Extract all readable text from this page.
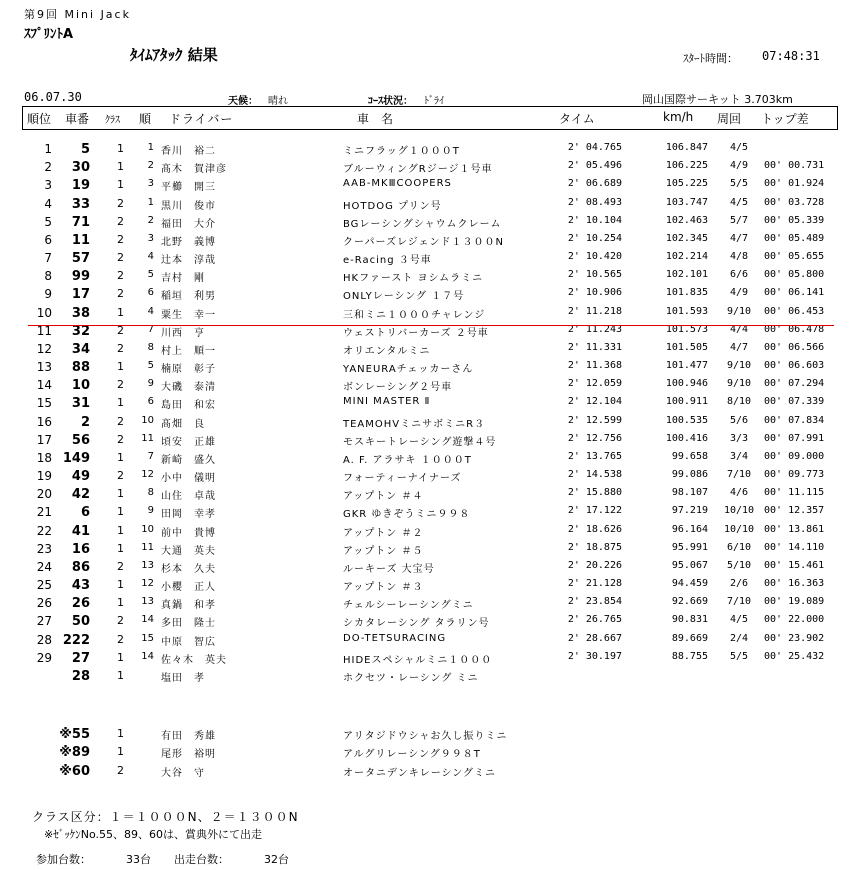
第9回 Mini Jack
ｽﾌﾟﾘﾝﾄA
ﾀｲﾑｱﾀｯｸ 結果	ｽﾀｰﾄ時間： 07:48:31
06.07.30	天候： 晴れ	ｺｰｽ状況： ﾄﾞﾗｲ	岡山国際サーキット 3.703km
順位 車番 ｸﾗｽ 順 ドライバー	車　名	タイム	km/h 周回 トップ差
1	5 1	1 香川　裕二	ミニフラッグ１０００T	2' 04.765	106.847	4/5
2	30 1	2 髙木　賀津彦	ブルーウィングRジージ１号車	2' 05.496	106.225	4/9	00' 00.731
3	19 1	3 平櫛　開三	AAB-MKⅢCOOPERS	2' 06.689	105.225	5/5	00' 01.924
4	33 2	1 黒川　俊市	HOTDOG プリン号	2' 08.493	103.747	4/5	00' 03.728
5	71 2	2 福田　大介	BGレーシングシャウムクレーム	2' 10.104	102.463	5/7	00' 05.339
6	11 2	3 北野　義博	クーパーズレジェンド１３００N	2' 10.254	102.345	4/7	00' 05.489
7	57 2	4 辻本　淳哉	e-Racing ３号車	2' 10.420	102.214	4/8	00' 05.655
8	99 2	5 吉村　剛	HKファースト ヨシムラミニ	2' 10.565	102.101	6/6	00' 05.800
9	17 2	6 稲垣　利男	ONLYレーシング １７号	2' 10.906	101.835	4/9	00' 06.141
10	38 1	4 粟生　幸一	三和ミニ１０００チャレンジ	2' 11.218	101.593	9/10	00' 06.453
11	32 2	7 川西　亨	ウェストリバーカーズ ２号車	2' 11.243	101.573	4/4	00' 06.478
12	34 2	8 村上　順一	オリエンタルミニ	2' 11.331	101.505	4/7	00' 06.566
13	88 1	5 楠原　彰子	YANEURAチェッカーさん	2' 11.368	101.477	9/10	00' 06.603
14	10 2	9 大磯　泰清	ボンレーシング２号車	2' 12.059	100.946	9/10	00' 07.294
15	31 1	6 島田　和宏	MINI MASTER Ⅱ	2' 12.104	100.911	8/10	00' 07.339
16	2 2	10 髙畑　良	TEAMOHVミニサボミニR３	2' 12.599	100.535	5/6	00' 07.834
17	56 2	11 頃安　正雄	モスキートレーシング遊撃４号	2' 12.756	100.416	3/3	00' 07.991
18 149 1	7 新崎　盛久	A. F. アラサキ １０００T	2' 13.765	99.658	3/4	00' 09.000
19	49 2	12 小中　儀明	フォーティーナイナーズ	2' 14.538	99.086	7/10	00' 09.773
20	42 1	8 山住　卓哉	アップトン ＃４	2' 15.880	98.107	4/6	00' 11.115
21	6 1	9 田岡　幸孝	GKR ゆきぞうミニ９９８	2' 17.122	97.219 10/10 00' 12.357
22	41 1	10 前中　貴博	アップトン ＃２	2' 18.626	96.164 10/10 00' 13.861
23	16 1	11 大通　英夫	アップトン ＃５	2' 18.875	95.991	6/10	00' 14.110
24	86 2	13 杉本　久夫	ルーキーズ 大宝号	2' 20.226	95.067	5/10	00' 15.461
25	43 1	12 小櫻　正人	アップトン ＃３	2' 21.128	94.459	2/6	00' 16.363
26	26 1	13 真鍋　和孝	チェルシーレーシングミニ	2' 23.854	92.669	7/10	00' 19.089
27	50 2	14 多田　隆士	シカタレーシング タラリン号	2' 26.765	90.831	4/5	00' 22.000
28 222 2	15 中原　智広	DO-TETSURACING	2' 28.667	89.669	2/4	00' 23.902
29	27 1	14 佐々木　英夫	HIDEスペシャルミニ１０００	2' 30.197	88.755	5/5	00' 25.432
28 1	塩田　孝	ホクセツ・レーシング ミニ
※55 1	有田　秀雄	アリタジドウシャお久し振りミニ
※89 1	尾形　裕明	アルグリレーシング９９８T
※60 2	大谷　守	オータニデンキレーシングミニ
クラス区分：１＝１０００N、２＝１３００N
※ｾﾞｯｹﾝNo.55、89、60は、賞典外にて出走
参加台数：	33台 出走台数：	32台
